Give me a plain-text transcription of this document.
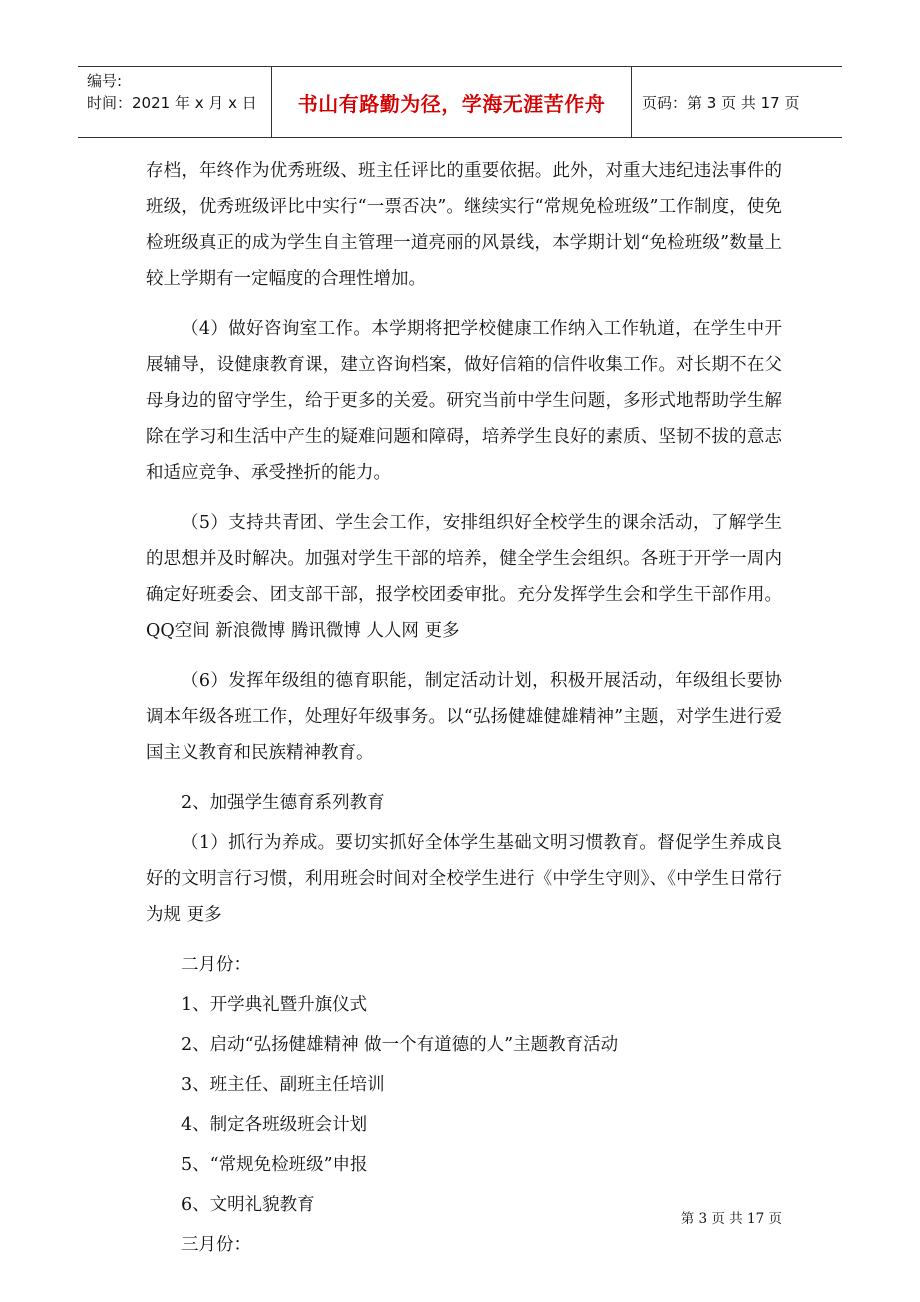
编号:
时间：2021 年 x 月 x 日	书山有路勤为径，学海无涯苦作舟	页码：第 3 页 共 17 页

存档，年终作为优秀班级、班主任评比的重要依据。此外，对重大违纪违法事件的班级，优秀班级评比中实行“一票否决”。继续实行“常规免检班级”工作制度，使免检班级真正的成为学生自主管理一道亮丽的风景线，本学期计划“免检班级”数量上较上学期有一定幅度的合理性增加。

（4）做好咨询室工作。本学期将把学校健康工作纳入工作轨道，在学生中开展辅导，设健康教育课，建立咨询档案，做好信箱的信件收集工作。对长期不在父母身边的留守学生，给于更多的关爱。研究当前中学生问题，多形式地帮助学生解除在学习和生活中产生的疑难问题和障碍，培养学生良好的素质、坚韧不拔的意志和适应竞争、承受挫折的能力。

（5）支持共青团、学生会工作，安排组织好全校学生的课余活动，了解学生的思想并及时解决。加强对学生干部的培养，健全学生会组织。各班于开学一周内确定好班委会、团支部干部，报学校团委审批。充分发挥学生会和学生干部作用。 QQ空间 新浪微博 腾讯微博 人人网 更多

（6）发挥年级组的德育职能，制定活动计划，积极开展活动，年级组长要协调本年级各班工作，处理好年级事务。以“弘扬健雄健雄精神”主题，对学生进行爱国主义教育和民族精神教育。

2、加强学生德育系列教育

（1）抓行为养成。要切实抓好全体学生基础文明习惯教育。督促学生养成良好的文明言行习惯，利用班会时间对全校学生进行《中学生守则》、《中学生日常行为规 更多

二月份：

1、开学典礼暨升旗仪式

2、启动“弘扬健雄精神 做一个有道德的人”主题教育活动

3、班主任、副班主任培训

4、制定各班级班会计划

5、“常规免检班级”申报

6、文明礼貌教育

三月份：

第 3 页 共 17 页
